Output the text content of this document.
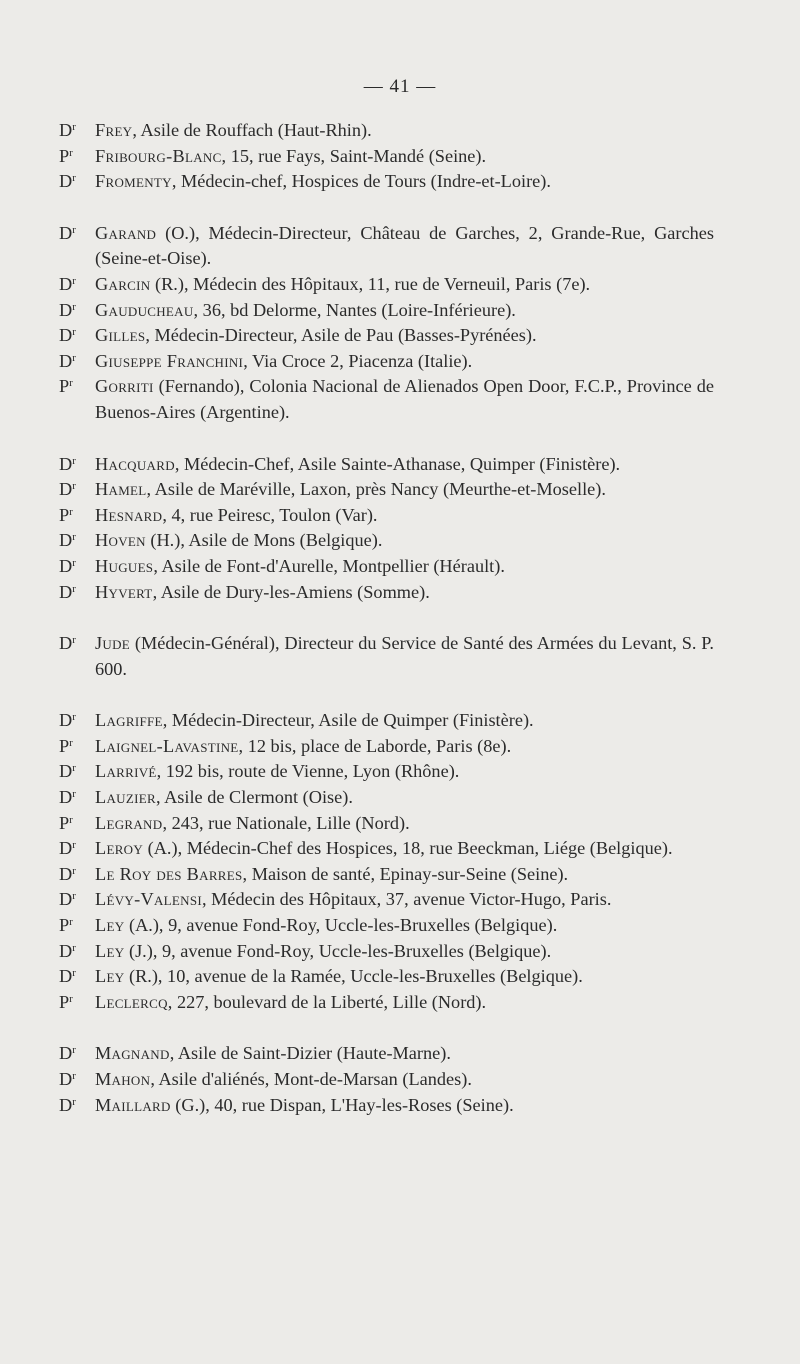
— 41 —
$D^r$ Frey, Asile de Rouffach (Haut-Rhin).
$P^r$ Fribourg-Blanc, 15, rue Fays, Saint-Mandé (Seine).
$D^r$ Fromenty, Médecin-chef, Hospices de Tours (Indre-et-Loire).
$D^r$ Garand (O.), Médecin-Directeur, Château de Garches, 2, Grande-Rue, Garches (Seine-et-Oise).
$D^r$ Garcin (R.), Médecin des Hôpitaux, 11, rue de Verneuil, Paris (7e).
$D^r$ Gauducheau, 36, bd Delorme, Nantes (Loire-Inférieure).
$D^r$ Gilles, Médecin-Directeur, Asile de Pau (Basses-Pyrénées).
$D^r$ Giuseppe Franchini, Via Croce 2, Piacenza (Italie).
$P^r$ Gorriti (Fernando), Colonia Nacional de Alienados Open Door, F.C.P., Province de Buenos-Aires (Argentine).
$D^r$ Hacquard, Médecin-Chef, Asile Sainte-Athanase, Quimper (Finistère).
$D^r$ Hamel, Asile de Maréville, Laxon, près Nancy (Meurthe-et-Moselle).
$P^r$ Hesnard, 4, rue Peiresc, Toulon (Var).
$D^r$ Hoven (H.), Asile de Mons (Belgique).
$D^r$ Hugues, Asile de Font-d'Aurelle, Montpellier (Hérault).
$D^r$ Hyvert, Asile de Dury-les-Amiens (Somme).
$D^r$ Jude (Médecin-Général), Directeur du Service de Santé des Armées du Levant, S. P. 600.
$D^r$ Lagriffe, Médecin-Directeur, Asile de Quimper (Finistère).
$P^r$ Laignel-Lavastine, 12 bis, place de Laborde, Paris (8e).
$D^r$ Larrivé, 192 bis, route de Vienne, Lyon (Rhône).
$D^r$ Lauzier, Asile de Clermont (Oise).
$P^r$ Legrand, 243, rue Nationale, Lille (Nord).
$D^r$ Leroy (A.), Médecin-Chef des Hospices, 18, rue Beeckman, Liége (Belgique).
$D^r$ Le Roy des Barres, Maison de santé, Epinay-sur-Seine (Seine).
$D^r$ Lévy-Valensi, Médecin des Hôpitaux, 37, avenue Victor-Hugo, Paris.
$P^r$ Ley (A.), 9, avenue Fond-Roy, Uccle-les-Bruxelles (Belgique).
$D^r$ Ley (J.), 9, avenue Fond-Roy, Uccle-les-Bruxelles (Belgique).
$D^r$ Ley (R.), 10, avenue de la Ramée, Uccle-les-Bruxelles (Belgique).
$P^r$ Leclercq, 227, boulevard de la Liberté, Lille (Nord).
$D^r$ Magnand, Asile de Saint-Dizier (Haute-Marne).
$D^r$ Mahon, Asile d'aliénés, Mont-de-Marsan (Landes).
$D^r$ Maillard (G.), 40, rue Dispan, L'Hay-les-Roses (Seine).
